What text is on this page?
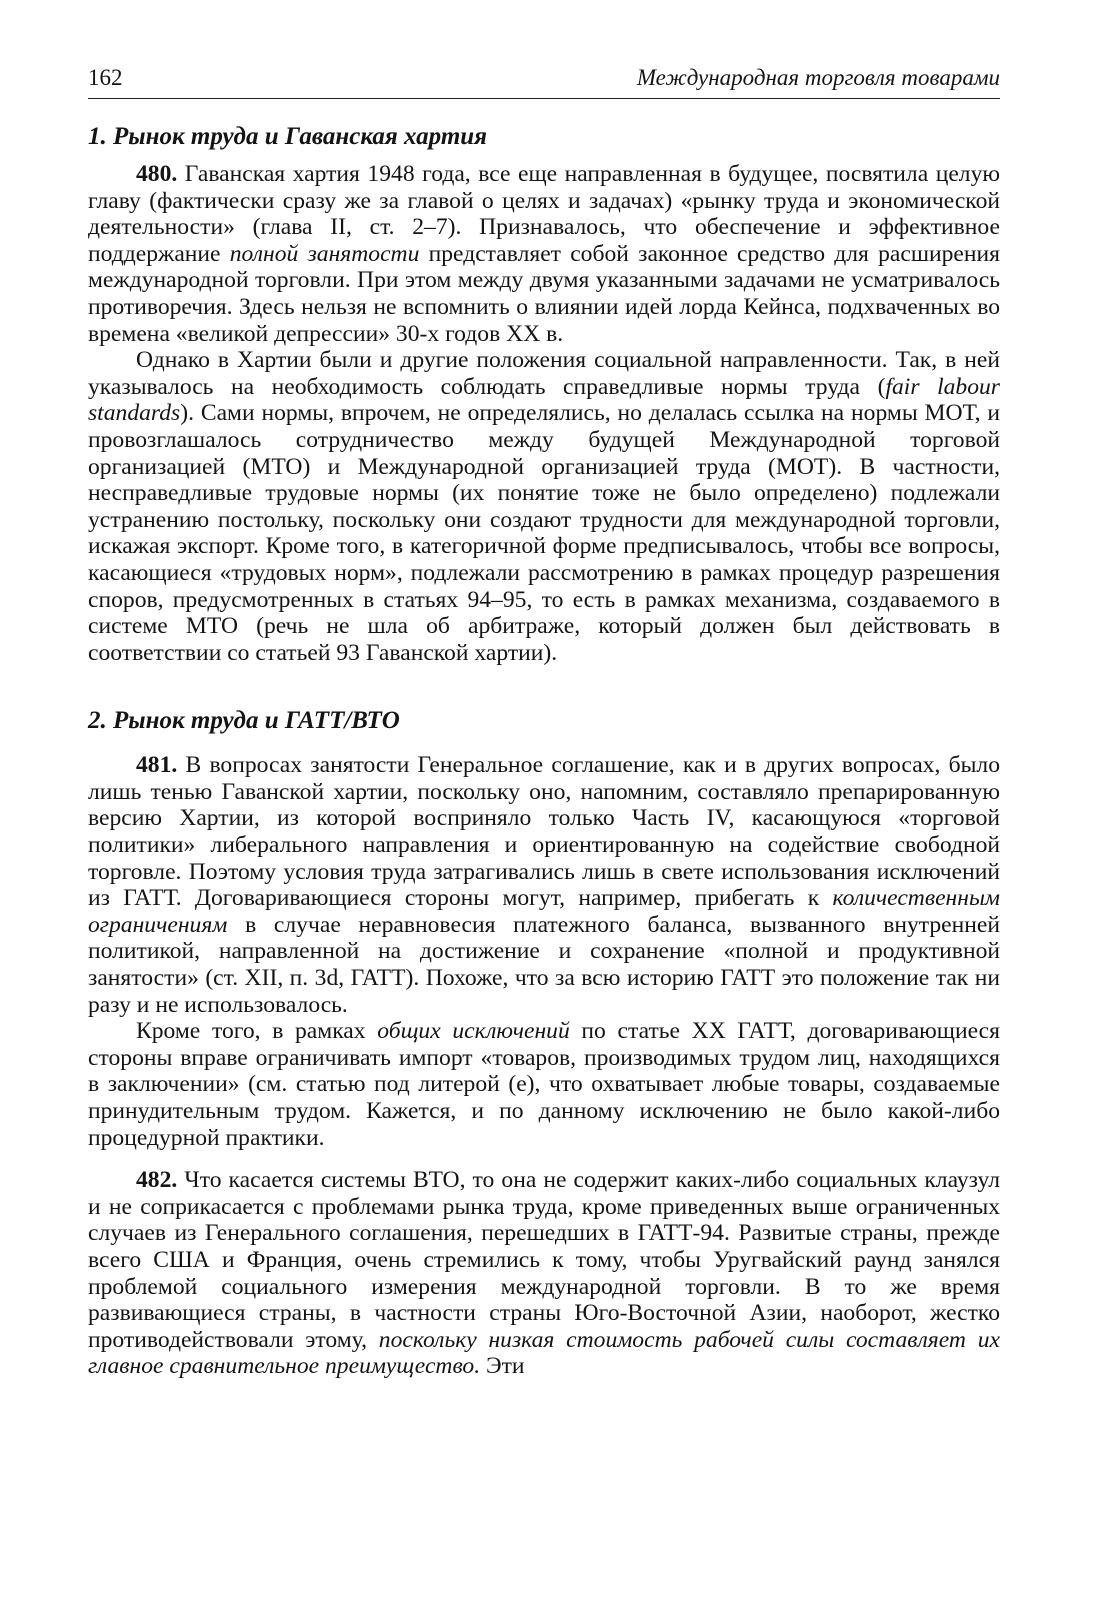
162	Международная торговля товарами
1. Рынок труда и Гаванская хартия

480. Гаванская хартия 1948 года, все еще направленная в будущее, посвятила целую главу (фактически сразу же за главой о целях и задачах) «рынку труда и экономической деятельности» (глава II, ст. 2–7). Признавалось, что обеспечение и эффективное поддержание полной занятости представляет собой законное средство для расширения международной торговли. При этом между двумя указанными задачами не усматривалось противоречия. Здесь нельзя не вспомнить о влиянии идей лорда Кейнса, подхваченных во времена «великой депрессии» 30-х годов XX в.

Однако в Хартии были и другие положения социальной направленности. Так, в ней указывалось на необходимость соблюдать справедливые нормы труда (fair labour standards). Сами нормы, впрочем, не определялись, но делалась ссылка на нормы МОТ, и провозглашалось сотрудничество между будущей Международной торговой организацией (МТО) и Международной организацией труда (МОТ). В частности, несправедливые трудовые нормы (их понятие тоже не было определено) подлежали устранению постольку, поскольку они создают трудности для международной торговли, искажая экспорт. Кроме того, в категоричной форме предписывалось, чтобы все вопросы, касающиеся «трудовых норм», подлежали рассмотрению в рамках процедур разрешения споров, предусмотренных в статьях 94–95, то есть в рамках механизма, создаваемого в системе МТО (речь не шла об арбитраже, который должен был действовать в соответствии со статьей 93 Гаванской хартии).

2. Рынок труда и ГАТТ/ВТО

481. В вопросах занятости Генеральное соглашение, как и в других вопросах, было лишь тенью Гаванской хартии, поскольку оно, напомним, составляло препарированную версию Хартии, из которой восприняло только Часть IV, касающуюся «торговой политики» либерального направления и ориентированную на содействие свободной торговле. Поэтому условия труда затрагивались лишь в свете использования исключений из ГАТТ. Договаривающиеся стороны могут, например, прибегать к количественным ограничениям в случае неравновесия платежного баланса, вызванного внутренней политикой, направленной на достижение и сохранение «полной и продуктивной занятости» (ст. XII, п. 3d, ГАТТ). Похоже, что за всю историю ГАТТ это положение так ни разу и не использовалось.

Кроме того, в рамках общих исключений по статье XX ГАТТ, договаривающиеся стороны вправе ограничивать импорт «товаров, производимых трудом лиц, находящихся в заключении» (см. статью под литерой (е), что охватывает любые товары, создаваемые принудительным трудом. Кажется, и по данному исключению не было какой-либо процедурной практики.

482. Что касается системы ВТО, то она не содержит каких-либо социальных клаузул и не соприкасается с проблемами рынка труда, кроме приведенных выше ограниченных случаев из Генерального соглашения, перешедших в ГАТТ-94. Развитые страны, прежде всего США и Франция, очень стремились к тому, чтобы Уругвайский раунд занялся проблемой социального измерения международной торговли. В то же время развивающиеся страны, в частности страны Юго-Восточной Азии, наоборот, жестко противодействовали этому, поскольку низкая стоимость рабочей силы составляет их главное сравнительное преимущество. Эти
